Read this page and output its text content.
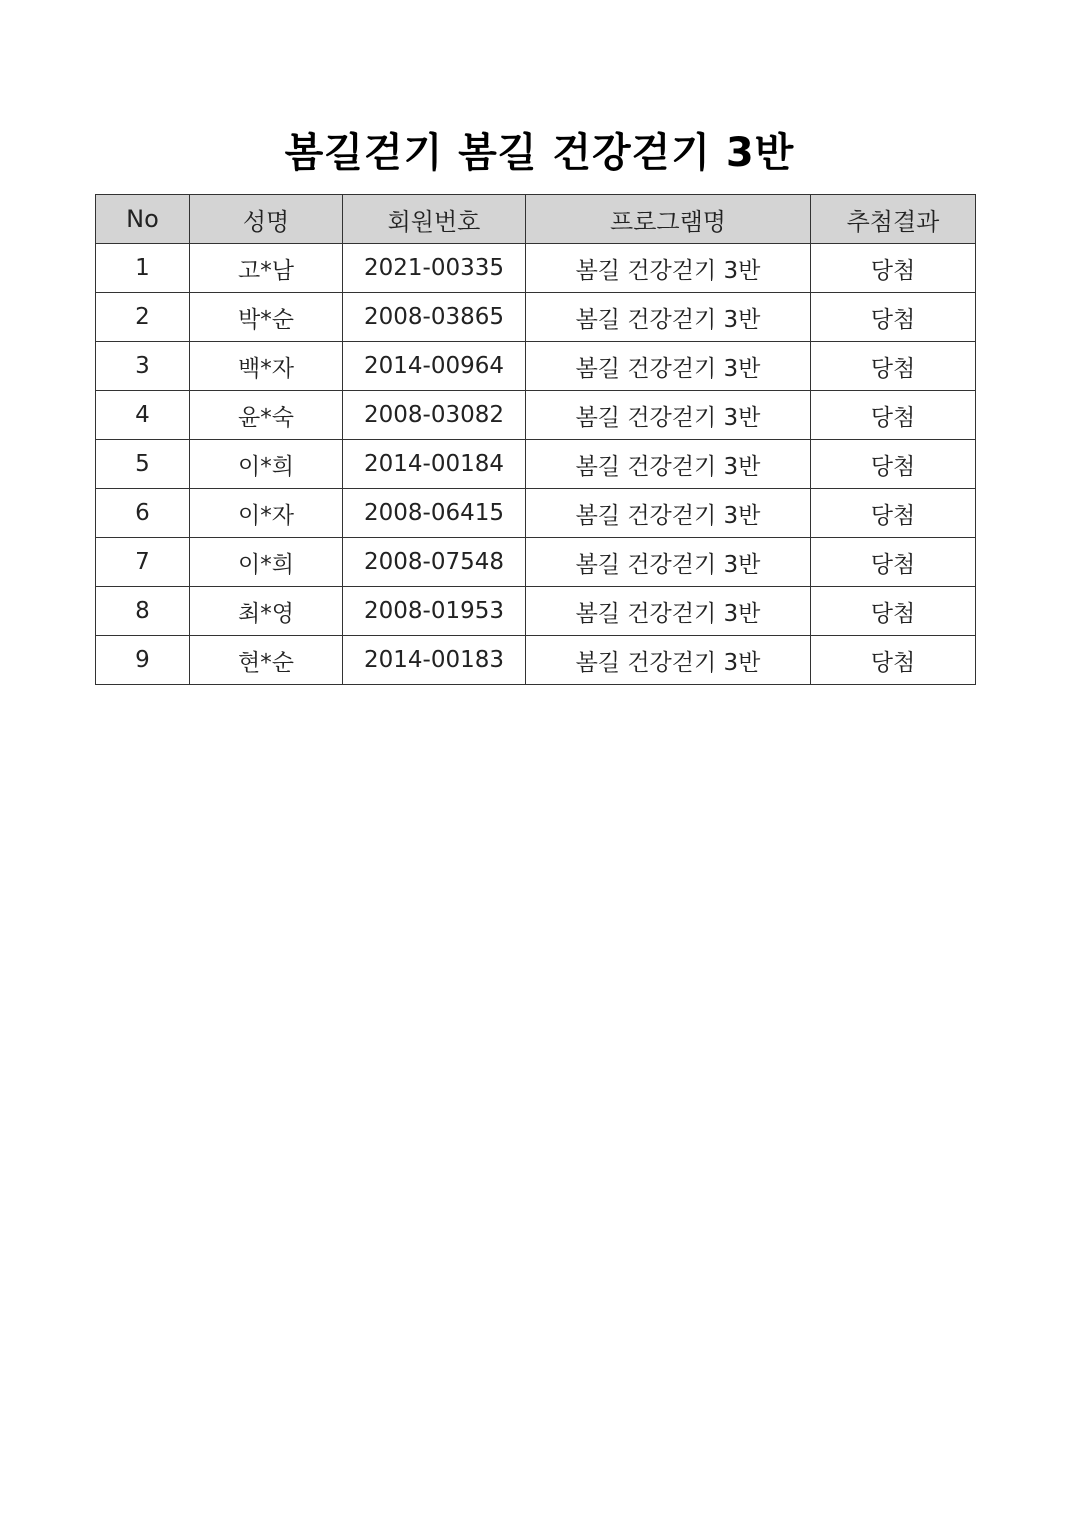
봄길걷기 봄길 건강걷기 3반
No	성명	회원번호	프로그램명	추첨결과
1	고*남	2021-00335	봄길 건강걷기 3반	당첨
2	박*순	2008-03865	봄길 건강걷기 3반	당첨
3	백*자	2014-00964	봄길 건강걷기 3반	당첨
4	윤*숙	2008-03082	봄길 건강걷기 3반	당첨
5	이*희	2014-00184	봄길 건강걷기 3반	당첨
6	이*자	2008-06415	봄길 건강걷기 3반	당첨
7	이*희	2008-07548	봄길 건강걷기 3반	당첨
8	최*영	2008-01953	봄길 건강걷기 3반	당첨
9	현*순	2014-00183	봄길 건강걷기 3반	당첨
